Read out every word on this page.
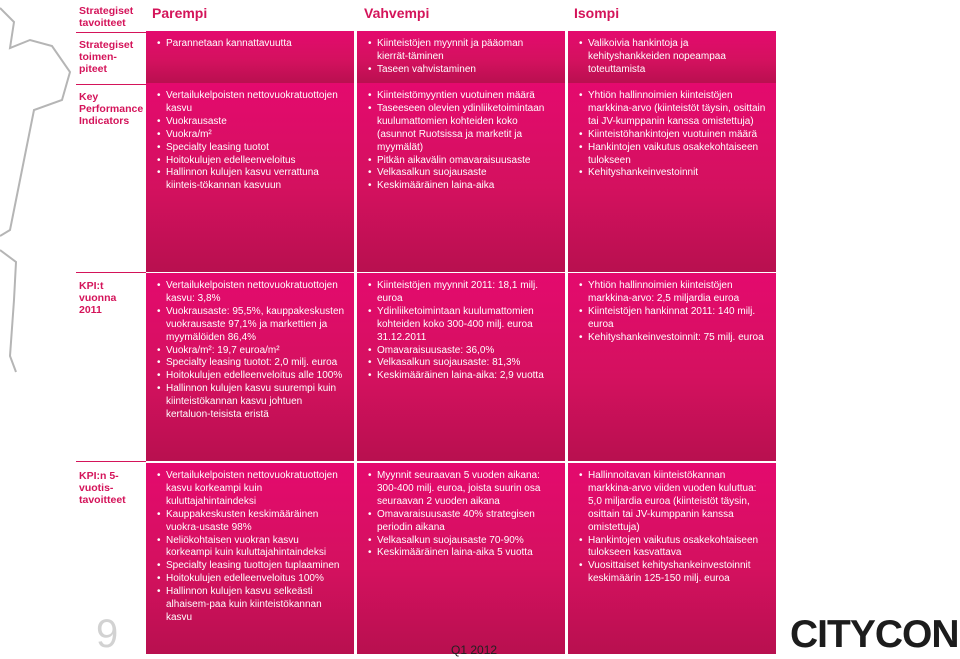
Strategiset tavoitteet
Parempi	Vahvempi	Isompi
Strategiset toimen-piteet
Key Performance Indicators
KPI:t vuonna 2011
KPI:n 5-vuotis-tavoitteet
• Parannetaan kannattavuutta
•	Kiinteistöjen myynnit ja pääoman kierrät-täminen
• Taseen vahvistaminen
• Valikoivia hankintoja ja kehityshankkeiden nopeampaa toteuttamista
• Vertailukelpoisten nettovuokratuottojen kasvu
• Vuokrausaste
• Vuokra/m²
• Specialty leasing tuotot
• Hoitokulujen edelleenveloitus
• Hallinnon kulujen kasvu verrattuna kiinteis-tökannan kasvuun
• Kiinteistömyyntien vuotuinen määrä
• Taseeseen olevien ydinliiketoimintaan kuulumattomien kohteiden koko (asunnot Ruotsissa ja marketit ja myymälät)
• Pitkän aikavälin omavaraisuusaste
• Velkasalkun suojausaste
• Keskimääräinen laina-aika
• Yhtiön hallinnoimien kiinteistöjen markkina-arvo (kiinteistöt täysin, osittain tai JV-kumppanin kanssa omistettuja)
• Kiinteistöhankintojen vuotuinen määrä
• Hankintojen vaikutus osakekohtaiseen tulokseen
• Kehityshankeinvestoinnit
• Vertailukelpoisten nettovuokratuottojen kasvu: 3,8%
• Vuokrausaste: 95,5%, kauppakeskusten vuokrausaste 97,1% ja markettien ja myymälöiden 86,4%
• Vuokra/m²: 19,7 euroa/m²
• Specialty leasing tuotot: 2,0 milj. euroa
• Hoitokulujen edelleenveloitus alle 100%
• Hallinnon kulujen kasvu suurempi kuin kiinteistökannan kasvu johtuen kertaluon-teisista eristä
• Kiinteistöjen myynnit 2011: 18,1 milj. euroa
• Ydinliiketoimintaan kuulumattomien kohteiden koko 300-400 milj. euroa 31.12.2011
• Omavaraisuusaste: 36,0%
• Velkasalkun suojausaste: 81,3%
• Keskimääräinen laina-aika: 2,9 vuotta
• Yhtiön hallinnoimien kiinteistöjen markkina-arvo: 2,5 miljardia euroa
• Kiinteistöjen hankinnat 2011: 140 milj. euroa
• Kehityshankeinvestoinnit: 75 milj. euroa
• Vertailukelpoisten nettovuokratuottojen kasvu korkeampi kuin kuluttajahintaindeksi
• Kauppakeskusten keskimääräinen vuokra-usaste 98%
• Neliökohtaisen vuokran kasvu korkeampi kuin kuluttajahintaindeksi
• Specialty leasing tuottojen tuplaaminen
• Hoitokulujen edelleenveloitus 100%
• Hallinnon kulujen kasvu selkeästi alhaisem-paa kuin kiinteistökannan kasvu
• Myynnit seuraavan 5 vuoden aikana: 300-400 milj. euroa, joista suurin osa seuraavan 2 vuoden aikana
• Omavaraisuusaste 40% strategisen periodin aikana
• Velkasalkun suojausaste 70-90%
• Keskimääräinen laina-aika 5 vuotta
• Hallinnoitavan kiinteistökannan markkina-arvo viiden vuoden kuluttua: 5,0 miljardia euroa (kiinteistöt täysin, osittain tai JV-kumppanin kanssa omistettuja)
• Hankintojen vaikutus osakekohtaiseen tulokseen kasvattava
• Vuosittaiset kehityshankeinvestoinnit keskimäärin 125-150 milj. euroa
9	Q1 2012	CITYCON
